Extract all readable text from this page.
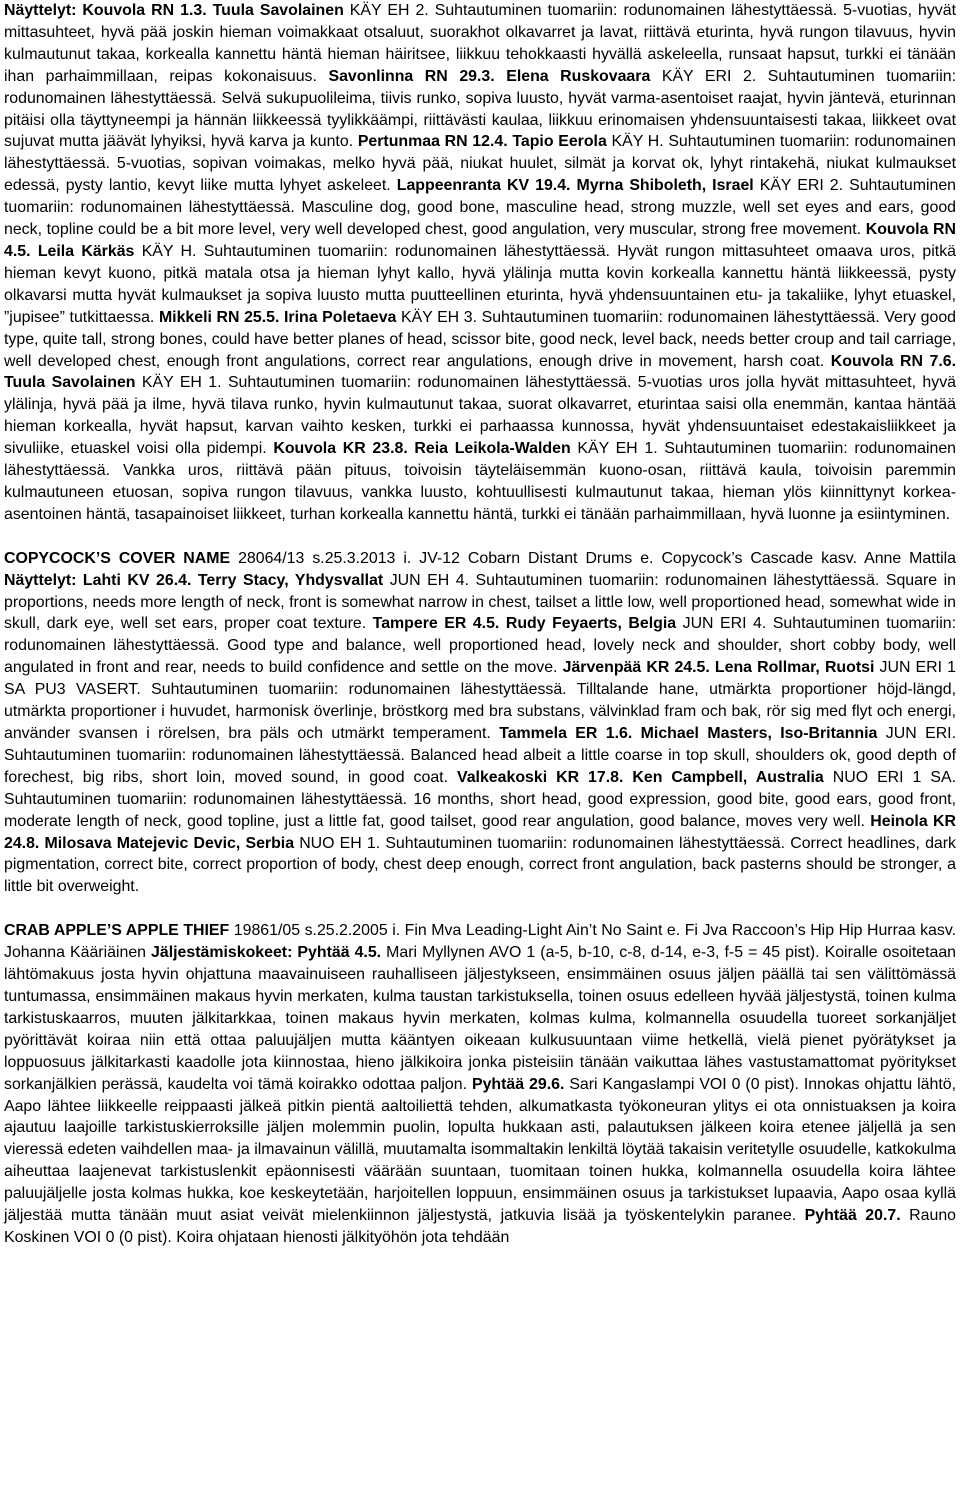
Näyttelyt: Kouvola RN 1.3. Tuula Savolainen KÄY EH 2. Suhtautuminen tuomariin: rodunomainen lähestyttäessä. 5-vuotias, hyvät mittasuhteet, hyvä pää joskin hieman voimakkaat otsaluut, suorakhot olkavarret ja lavat, riittävä eturinta, hyvä rungon tilavuus, hyvin kulmautunut takaa, korkealla kannettu häntä hieman häiritsee, liikkuu tehokkaasti hyvällä askeleella, runsaat hapsut, turkki ei tänään ihan parhaimmillaan, reipas kokonaisuus. Savonlinna RN 29.3. Elena Ruskovaara KÄY ERI 2. Suhtautuminen tuomariin: rodunomainen lähestyttäessä. Selvä sukupuolileima, tiivis runko, sopiva luusto, hyvät varma-asentoiset raajat, hyvin jäntevä, eturinnan pitäisi olla täyttyneempi ja hännän liikkeessä tyylikkäämpi, riittävästi kaulaa, liikkuu erinomaisen yhdensuuntaisesti takaa, liikkeet ovat sujuvat mutta jäävät lyhyiksi, hyvä karva ja kunto. Pertunmaa RN 12.4. Tapio Eerola KÄY H. Suhtautuminen tuomariin: rodunomainen lähestyttäessä. 5-vuotias, sopivan voimakas, melko hyvä pää, niukat huulet, silmät ja korvat ok, lyhyt rintakehä, niukat kulmaukset edessä, pysty lantio, kevyt liike mutta lyhyet askeleet. Lappeenranta KV 19.4. Myrna Shiboleth, Israel KÄY ERI 2. Suhtautuminen tuomariin: rodunomainen lähestyttäessä. Masculine dog, good bone, masculine head, strong muzzle, well set eyes and ears, good neck, topline could be a bit more level, very well developed chest, good angulation, very muscular, strong free movement. Kouvola RN 4.5. Leila Kärkäs KÄY H. Suhtautuminen tuomariin: rodunomainen lähestyttäessä. Hyvät rungon mittasuhteet omaava uros, pitkä hieman kevyt kuono, pitkä matala otsa ja hieman lyhyt kallo, hyvä ylälinja mutta kovin korkealla kannettu häntä liikkeessä, pysty olkavarsi mutta hyvät kulmaukset ja sopiva luusto mutta puutteellinen eturinta, hyvä yhdensuuntainen etu- ja takaliike, lyhyt etuaskel, ”jupisee” tutkittaessa. Mikkeli RN 25.5. Irina Poletaeva KÄY EH 3. Suhtautuminen tuomariin: rodunomainen lähestyttäessä. Very good type, quite tall, strong bones, could have better planes of head, scissor bite, good neck, level back, needs better croup and tail carriage, well developed chest, enough front angulations, correct rear angulations, enough drive in movement, harsh coat. Kouvola RN 7.6. Tuula Savolainen KÄY EH 1. Suhtautuminen tuomariin: rodunomainen lähestyttäessä. 5-vuotias uros jolla hyvät mittasuhteet, hyvä ylälinja, hyvä pää ja ilme, hyvä tilava runko, hyvin kulmautunut takaa, suorat olkavarret, eturintaa saisi olla enemmän, kantaa häntää hieman korkealla, hyvät hapsut, karvan vaihto kesken, turkki ei parhaassa kunnossa, hyvät yhdensuuntaiset edestakaisliikkeet ja sivuliike, etuaskel voisi olla pidempi. Kouvola KR 23.8. Reia Leikola-Walden KÄY EH 1. Suhtautuminen tuomariin: rodunomainen lähestyttäessä. Vankka uros, riittävä pään pituus, toivoisin täyteläisemmän kuono-osan, riittävä kaula, toivoisin paremmin kulmautuneen etuosan, sopiva rungon tilavuus, vankka luusto, kohtuullisesti kulmautunut takaa, hieman ylös kiinnittynyt korkea-asentoinen häntä, tasapainoiset liikkeet, turhan korkealla kannettu häntä, turkki ei tänään parhaimmillaan, hyvä luonne ja esiintyminen.

COPYCOCK’S COVER NAME 28064/13 s.25.3.2013 i. JV-12 Cobarn Distant Drums e. Copycock’s Cascade kasv. Anne Mattila Näyttelyt: Lahti KV 26.4. Terry Stacy, Yhdysvallat JUN EH 4. Suhtautuminen tuomariin: rodunomainen lähestyttäessä. Square in proportions, needs more length of neck, front is somewhat narrow in chest, tailset a little low, well proportioned head, somewhat wide in skull, dark eye, well set ears, proper coat texture. Tampere ER 4.5. Rudy Feyaerts, Belgia JUN ERI 4. Suhtautuminen tuomariin: rodunomainen lähestyttäessä. Good type and balance, well proportioned head, lovely neck and shoulder, short cobby body, well angulated in front and rear, needs to build confidence and settle on the move. Järvenpää KR 24.5. Lena Rollmar, Ruotsi JUN ERI 1 SA PU3 VASERT. Suhtautuminen tuomariin: rodunomainen lähestyttäessä. Tilltalande hane, utmärkta proportioner höjd-längd, utmärkta proportioner i huvudet, harmonisk överlinje, bröstkorg med bra substans, välvinklad fram och bak, rör sig med flyt och energi, använder svansen i rörelsen, bra päls och utmärkt temperament. Tammela ER 1.6. Michael Masters, Iso-Britannia JUN ERI. Suhtautuminen tuomariin: rodunomainen lähestyttäessä. Balanced head albeit a little coarse in top skull, shoulders ok, good depth of forechest, big ribs, short loin, moved sound, in good coat. Valkeakoski KR 17.8. Ken Campbell, Australia NUO ERI 1 SA. Suhtautuminen tuomariin: rodunomainen lähestyttäessä. 16 months, short head, good expression, good bite, good ears, good front, moderate length of neck, good topline, just a little fat, good tailset, good rear angulation, good balance, moves very well. Heinola KR 24.8. Milosava Matejevic Devic, Serbia NUO EH 1. Suhtautuminen tuomariin: rodunomainen lähestyttäessä. Correct headlines, dark pigmentation, correct bite, correct proportion of body, chest deep enough, correct front angulation, back pasterns should be stronger, a little bit overweight.

CRAB APPLE’S APPLE THIEF 19861/05 s.25.2.2005 i. Fin Mva Leading-Light Ain’t No Saint e. Fi Jva Raccoon’s Hip Hip Hurraa kasv. Johanna Kääriäinen Jäljestämiskokeet: Pyhtää 4.5. Mari Myllynen AVO 1 (a-5, b-10, c-8, d-14, e-3, f-5 = 45 pist). Koiralle osoitetaan lähtömakuus josta hyvin ohjattuna maavainuiseen rauhalliseen jäljestykseen, ensimmäinen osuus jäljen päällä tai sen välittömässä tuntumassa, ensimmäinen makaus hyvin merkaten, kulma taustan tarkistuksella, toinen osuus edelleen hyvää jäljestystä, toinen kulma tarkistuskaarros, muuten jälkitarkkaa, toinen makaus hyvin merkaten, kolmas kulma, kolmannella osuudella tuoreet sorkanjäljet pyörittävät koiraa niin että ottaa paluujäljen mutta kääntyen oikeaan kulkusuuntaan viime hetkellä, vielä pienet pyörätykset ja loppuosuus jälkitarkasti kaadolle jota kiinnostaa, hieno jälkikoira jonka pisteisiin tänään vaikuttaa lähes vastustamattomat pyöritykset sorkanjälkien perässä, kaudelta voi tämä koirakko odottaa paljon. Pyhtää 29.6. Sari Kangaslampi VOI 0 (0 pist). Innokas ohjattu lähtö, Aapo lähtee liikkeelle reippaasti jälkeä pitkin pientä aaltoiliettä tehden, alkumatkasta työkoneuran ylitys ei ota onnistuaksen ja koira ajautuu laajoille tarkistuskierroksille jäljen molemmin puolin, lopulta hukkaan asti, palautuksen jälkeen koira etenee jäljellä ja sen vieressä edeten vaihdellen maa- ja ilmavainun välillä, muutamalta isommaltakin lenkiltä löytää takaisin veritetylle osuudelle, katkokulma aiheuttaa laajenevat tarkistuslenkit epäonnisesti väärään suuntaan, tuomitaan toinen hukka, kolmannella osuudella koira lähtee paluujäljelle josta kolmas hukka, koe keskeytetään, harjoitellen loppuun, ensimmäinen osuus ja tarkistukset lupaavia, Aapo osaa kyllä jäljestää mutta tänään muut asiat veivät mielenkiinnon jäljestystä, jatkuvia lisää ja työskentelykin paranee. Pyhtää 20.7. Rauno Koskinen VOI 0 (0 pist). Koira ohjataan hienosti jälkityöhön jota tehdään
